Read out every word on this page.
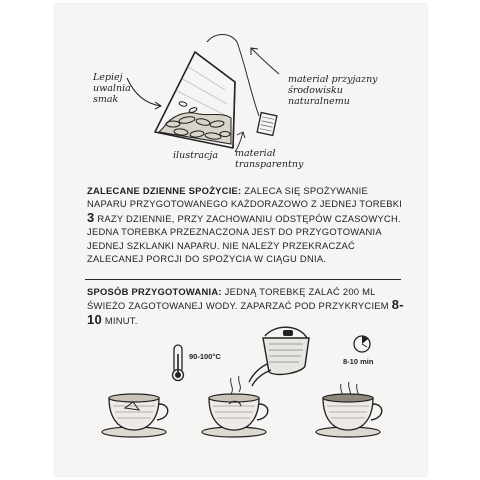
Lepiej uwalnia smak
materiał przyjazny środowisku naturalnemu
ilustracja materiał transparentny
ZALECANE DZIENNE SPOŻYCIE: ZALECA SIĘ SPOŻYWANIE NAPARU PRZYGOTOWANEGO KAŻDORAZOWO Z JEDNEJ TOREBKI 3 RAZY DZIENNIE, PRZY ZACHOWANIU ODSTĘPÓW CZASOWYCH. JEDNA TOREBKA PRZEZNACZONA JEST DO PRZYGOTOWANIA JEDNEJ SZKLANKI NAPARU. NIE NALEŻY PRZEKRACZAĆ ZALECANEJ PORCJI DO SPOŻYCIA W CIĄGU DNIA.
SPOSÓB PRZYGOTOWANIA: JEDNĄ TOREBKĘ ZALAĆ 200 ML ŚWIEŻO ZAGOTOWANEJ WODY. ZAPARZAĆ POD PRZYKRYCIEM 8-10 MINUT.
90-100°C
8-10 min
